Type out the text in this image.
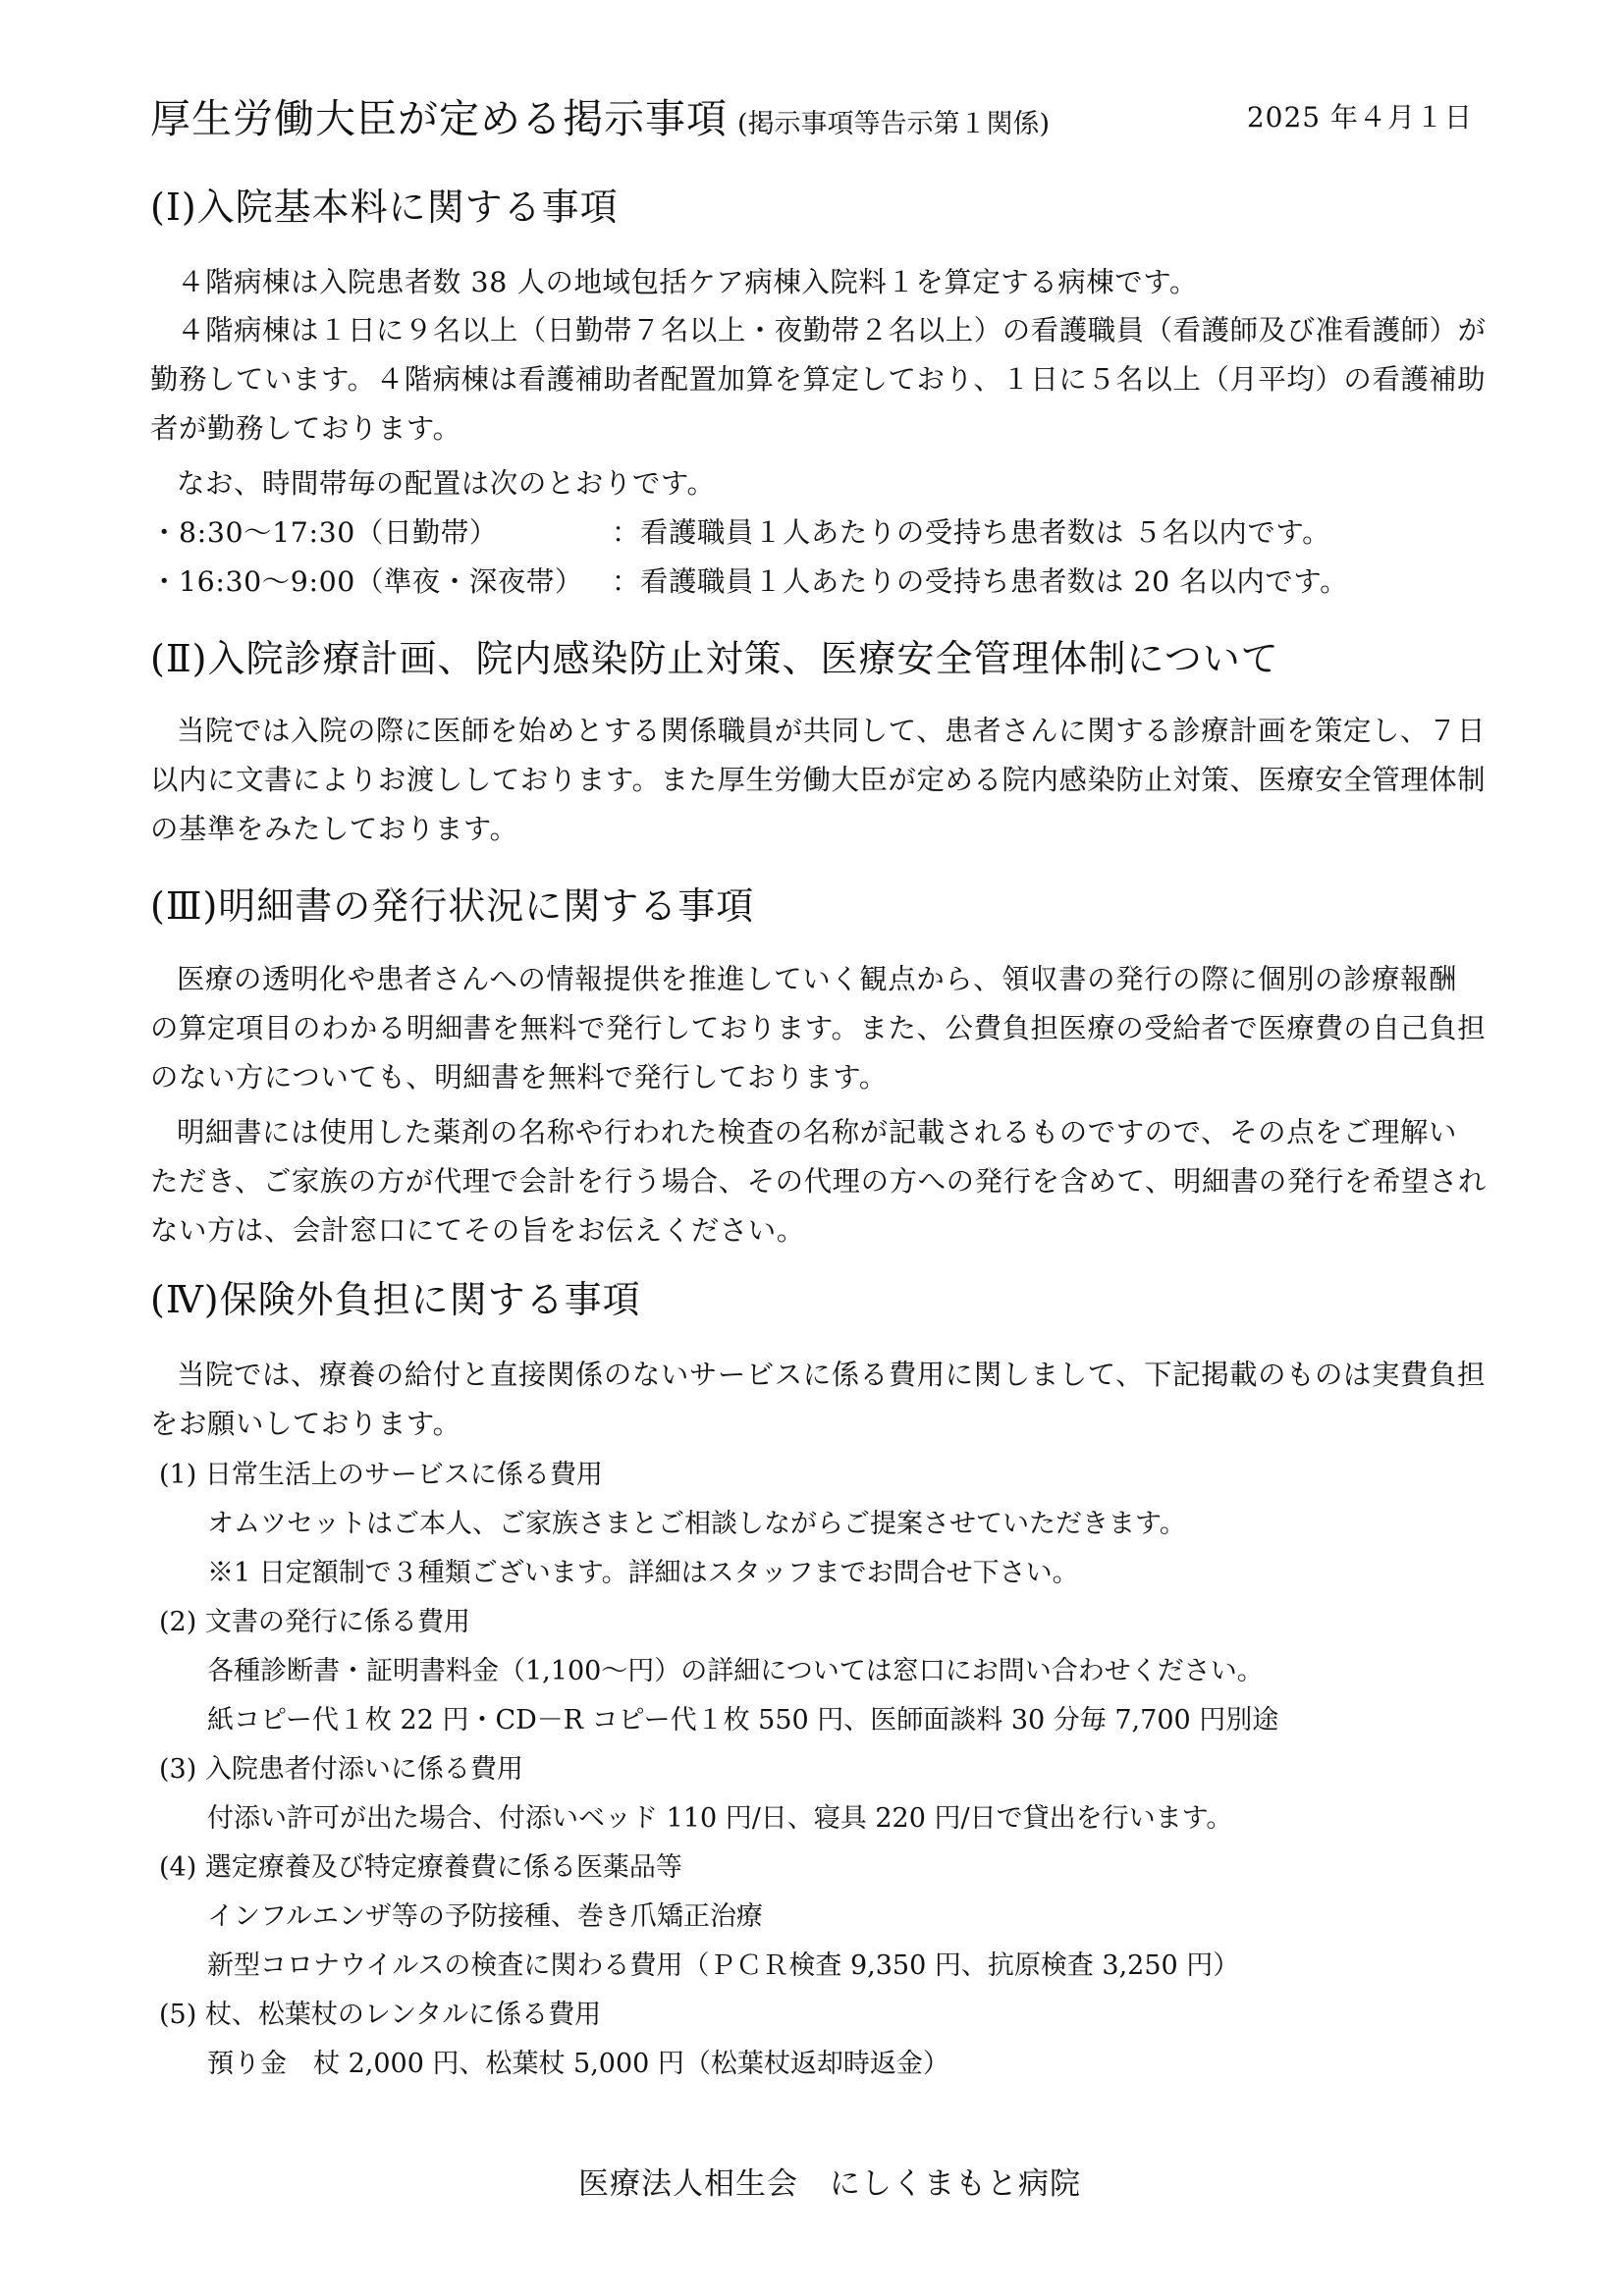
厚生労働大臣が定める掲示事項 (掲示事項等告示第１関係)	2025 年４月１日
(Ⅰ)入院基本料に関する事項
４階病棟は入院患者数 38 人の地域包括ケア病棟入院料１を算定する病棟です。
４階病棟は１日に９名以上（日勤帯７名以上・夜勤帯２名以上）の看護職員（看護師及び准看護師）が
勤務しています。４階病棟は看護補助者配置加算を算定しており、１日に５名以上（月平均）の看護補助
者が勤務しております。
なお、時間帯毎の配置は次のとおりです。
・8:30～17:30（日勤帯）	：看護職員１人あたりの受持ち患者数は ５名以内です。
・16:30～9:00（準夜・深夜帯） ：看護職員１人あたりの受持ち患者数は 20 名以内です。
(Ⅱ)入院診療計画、院内感染防止対策、医療安全管理体制について
当院では入院の際に医師を始めとする関係職員が共同して、患者さんに関する診療計画を策定し、７日
以内に文書によりお渡ししております。また厚生労働大臣が定める院内感染防止対策、医療安全管理体制
の基準をみたしております。
(Ⅲ)明細書の発行状況に関する事項
医療の透明化や患者さんへの情報提供を推進していく観点から、領収書の発行の際に個別の診療報酬
の算定項目のわかる明細書を無料で発行しております。また、公費負担医療の受給者で医療費の自己負担
のない方についても、明細書を無料で発行しております。
明細書には使用した薬剤の名称や行われた検査の名称が記載されるものですので、その点をご理解い
ただき、ご家族の方が代理で会計を行う場合、その代理の方への発行を含めて、明細書の発行を希望され
ない方は、会計窓口にてその旨をお伝えください。
(Ⅳ)保険外負担に関する事項
当院では、療養の給付と直接関係のないサービスに係る費用に関しまして、下記掲載のものは実費負担
をお願いしております。
(1) 日常生活上のサービスに係る費用
オムツセットはご本人、ご家族さまとご相談しながらご提案させていただきます。
※1 日定額制で３種類ございます。詳細はスタッフまでお問合せ下さい。
(2) 文書の発行に係る費用
各種診断書・証明書料金（1,100～円）の詳細については窓口にお問い合わせください。
紙コピー代１枚 22 円・CD－R コピー代１枚 550 円、医師面談料 30 分毎 7,700 円別途
(3) 入院患者付添いに係る費用
付添い許可が出た場合、付添いベッド 110 円/日、寝具 220 円/日で貸出を行います。
(4) 選定療養及び特定療養費に係る医薬品等
インフルエンザ等の予防接種、巻き爪矯正治療
新型コロナウイルスの検査に関わる費用（ＰＣＲ検査 9,350 円、抗原検査 3,250 円）
(5) 杖、松葉杖のレンタルに係る費用
預り金　杖 2,000 円、松葉杖 5,000 円（松葉杖返却時返金）
医療法人相生会　にしくまもと病院
